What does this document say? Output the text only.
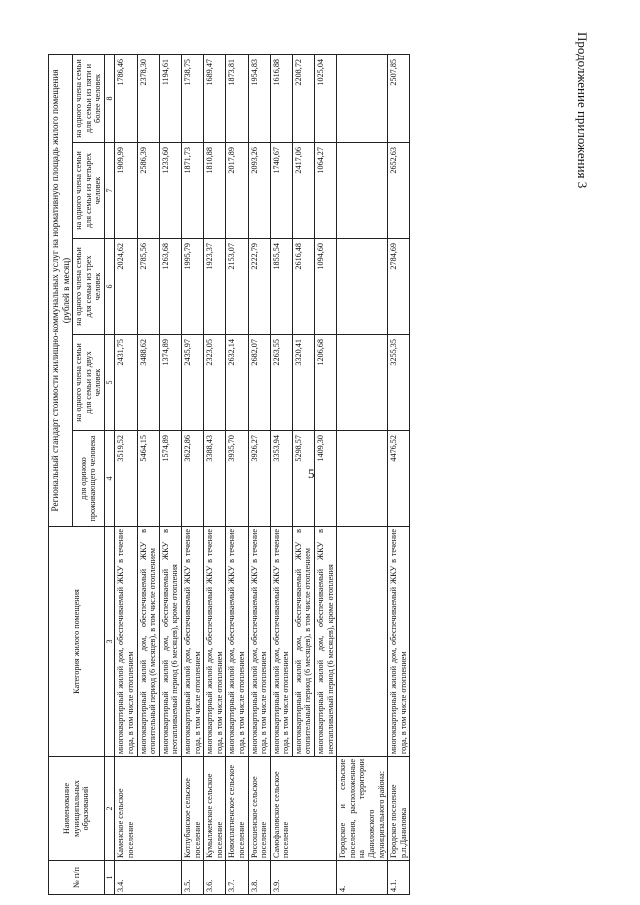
5
Продолжение приложения 3
№ п/п	Наименование муниципальных образований	Категория жилого помещения	Региональный стандарт стоимости жилищно-коммунальных услуг на нормативную площадь жилого помещения (рублей в месяц)				
			для одиноко проживающего человека	на одного члена семьи для семьи из двух человек	на одного члена семьи для семьи из трех человек	на одного члена семьи для семьи из четырех человек	на одного члена семьи для семьи из пяти и более человек
1	2	3	4	5	6	7	8
3.4.	Каменское сельское поселение	многоквартирный жилой дом, обеспечиваемый ЖКУ в течение года, в том числе отоплением	3519,52	2431,75	2024,62	1909,99	1786,46
		многоквартирный жилой дом, обеспечиваемый ЖКУ в отопительный период (6 месяцев), в том числе отоплением	5464,15	3488,62	2785,56	2586,39	2378,30
		многоквартирный жилой дом, обеспечиваемый ЖКУ в неотапливаемый период (6 месяцев), кроме отопления	1574,89	1374,89	1263,68	1233,60	1194,61
3.5.	Котлубанское сельское поселение	многоквартирный жилой дом, обеспечиваемый ЖКУ в течение года, в том числе отоплением	3622,86	2435,97	1995,79	1871,73	1738,75
3.6.	Кумылженское сельское поселение	многоквартирный жилой дом, обеспечиваемый ЖКУ в течение года, в том числе отоплением	3388,43	2323,05	1923,37	1810,88	1689,47
3.7.	Новоплатненское сельское поселение	многоквартирный жилой дом, обеспечиваемый ЖКУ в течение года, в том числе отоплением	3935,70	2632,14	2153,07	2017,89	1873,81
3.8.	Россошенское сельское поселение	многоквартирный жилой дом, обеспечиваемый ЖКУ в течение года, в том числе отоплением	3926,27	2682,07	2222,79	2093,26	1954,83
3.9.	Самофаловское сельское поселение	многоквартирный жилой дом, обеспечиваемый ЖКУ в течение года, в том числе отоплением	3353,94	2263,55	1855,54	1740,67	1616,88
		многоквартирный жилой дом, обеспечиваемый ЖКУ в отопительный период (6 месяцев), в том числе отоплением	5298,57	3320,41	2616,48	2417,06	2208,72
		многоквартирный жилой дом, обеспечиваемый ЖКУ в неотапливаемый период (6 месяцев), кроме отопления	1409,30	1206,68	1094,60	1064,27	1025,04
4.	Городское и сельские поселения, расположенные на территории Даниловского муниципального района:						
4.1.	Городское поселение р.п.Даниловка	многоквартирный жилой дом, обеспечиваемый ЖКУ в течение года, в том числе отоплением	4476,52	3255,35	2784,69	2652,63	2507,85
